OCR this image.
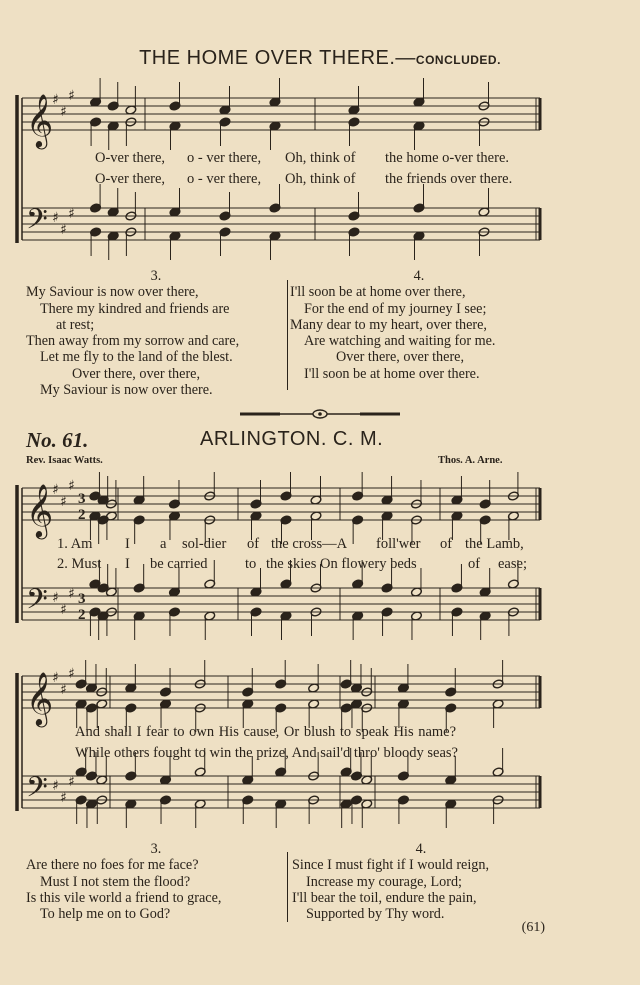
THE HOME OVER THERE.—CONCLUDED.
𝄞
𝄢
♯
♯
♯
♯
♯
♯
O-ver there, o - ver there, Oh, think of the home o-ver there.
O-ver there, o - ver there, Oh, think of the friends over there.
3.
My Saviour is now over there,
There my kindred and friends are
at rest;
Then away from my sorrow and care,
Let me fly to the land of the blest.
Over there, over there,
My Saviour is now over there.
4.
I'll soon be at home over there,
For the end of my journey I see;
Many dear to my heart, over there,
Are watching and waiting for me.
Over there, over there,
I'll soon be at home over there.
No. 61.	ARLINGTON. C. M.
Rev. Isaac Watts.	Thos. A. Arne.
𝄞
𝄢
♯
♯
♯
♯
♯
♯
3
2
3
2
1. Am I a sol-dier of the cross—A foll'wer of the Lamb,
2. Must I be carried	to the skies On flowery beds	of ease;
𝄞
𝄢
♯
♯
♯
♯
♯
♯
And shall I fear to own His cause, Or blush to speak His name?
While others fought to win the prize, And sail'd thro' bloody seas?
3.
Are there no foes for me face?
Must I not stem the flood?
Is this vile world a friend to grace,
To help me on to God?
4.
Since I must fight if I would reign,
Increase my courage, Lord;
I'll bear the toil, endure the pain,
Supported by Thy word.
(61)
